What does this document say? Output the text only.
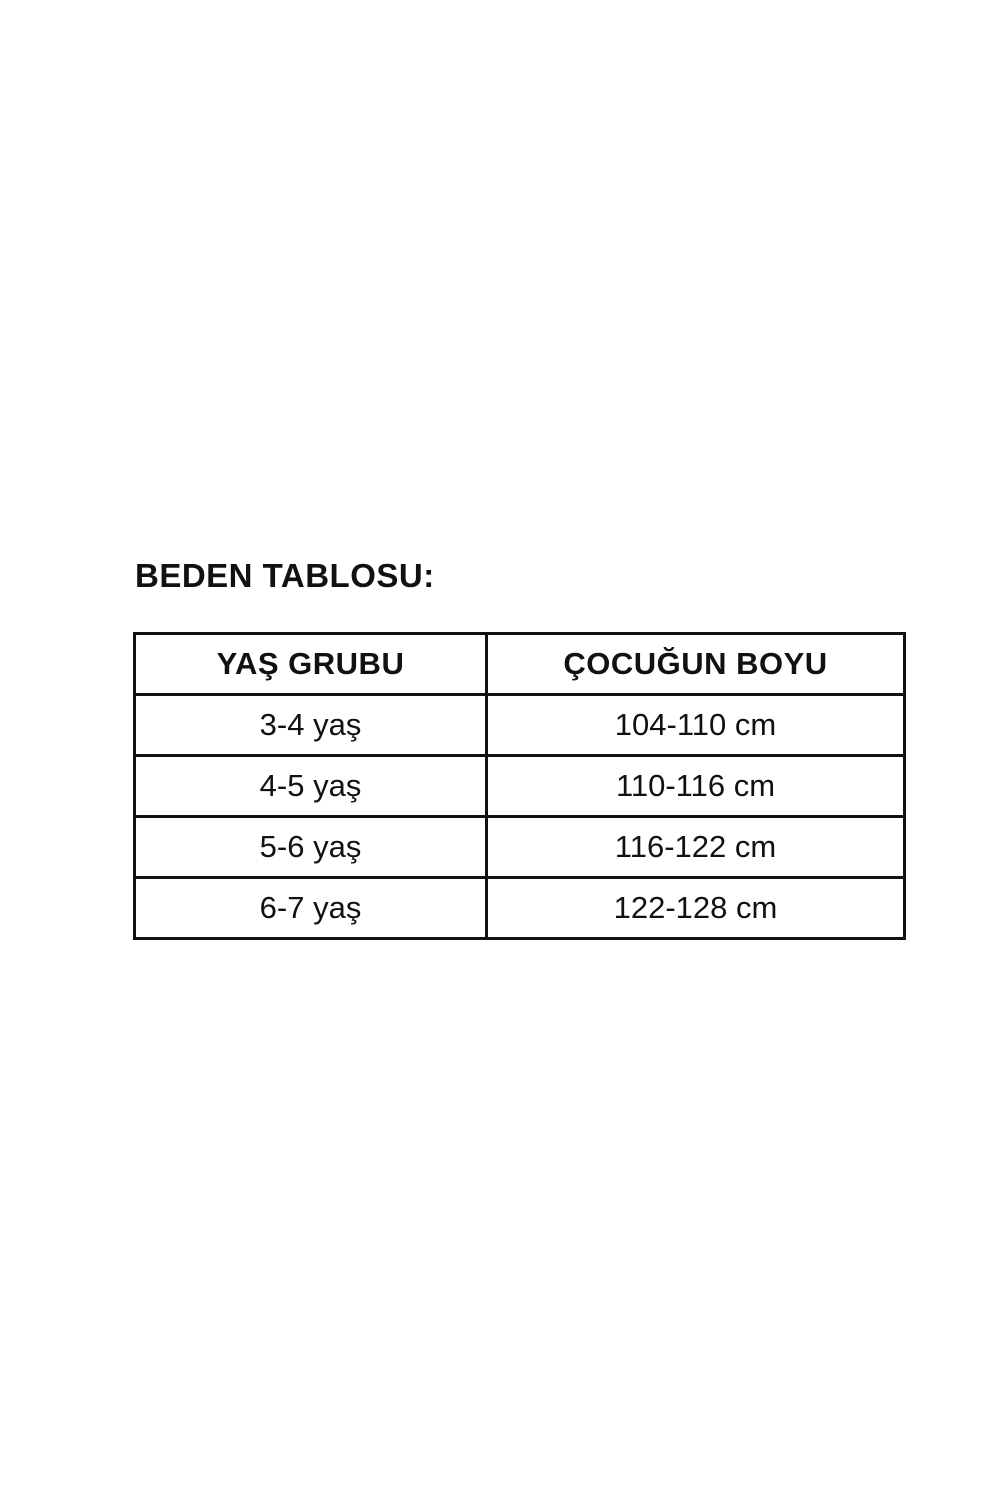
BEDEN TABLOSU:
YAŞ GRUBU	ÇOCUĞUN BOYU

3-4 yaş	104-110 cm

4-5 yaş	110-116 cm

5-6 yaş	116-122 cm

6-7 yaş	122-128 cm
